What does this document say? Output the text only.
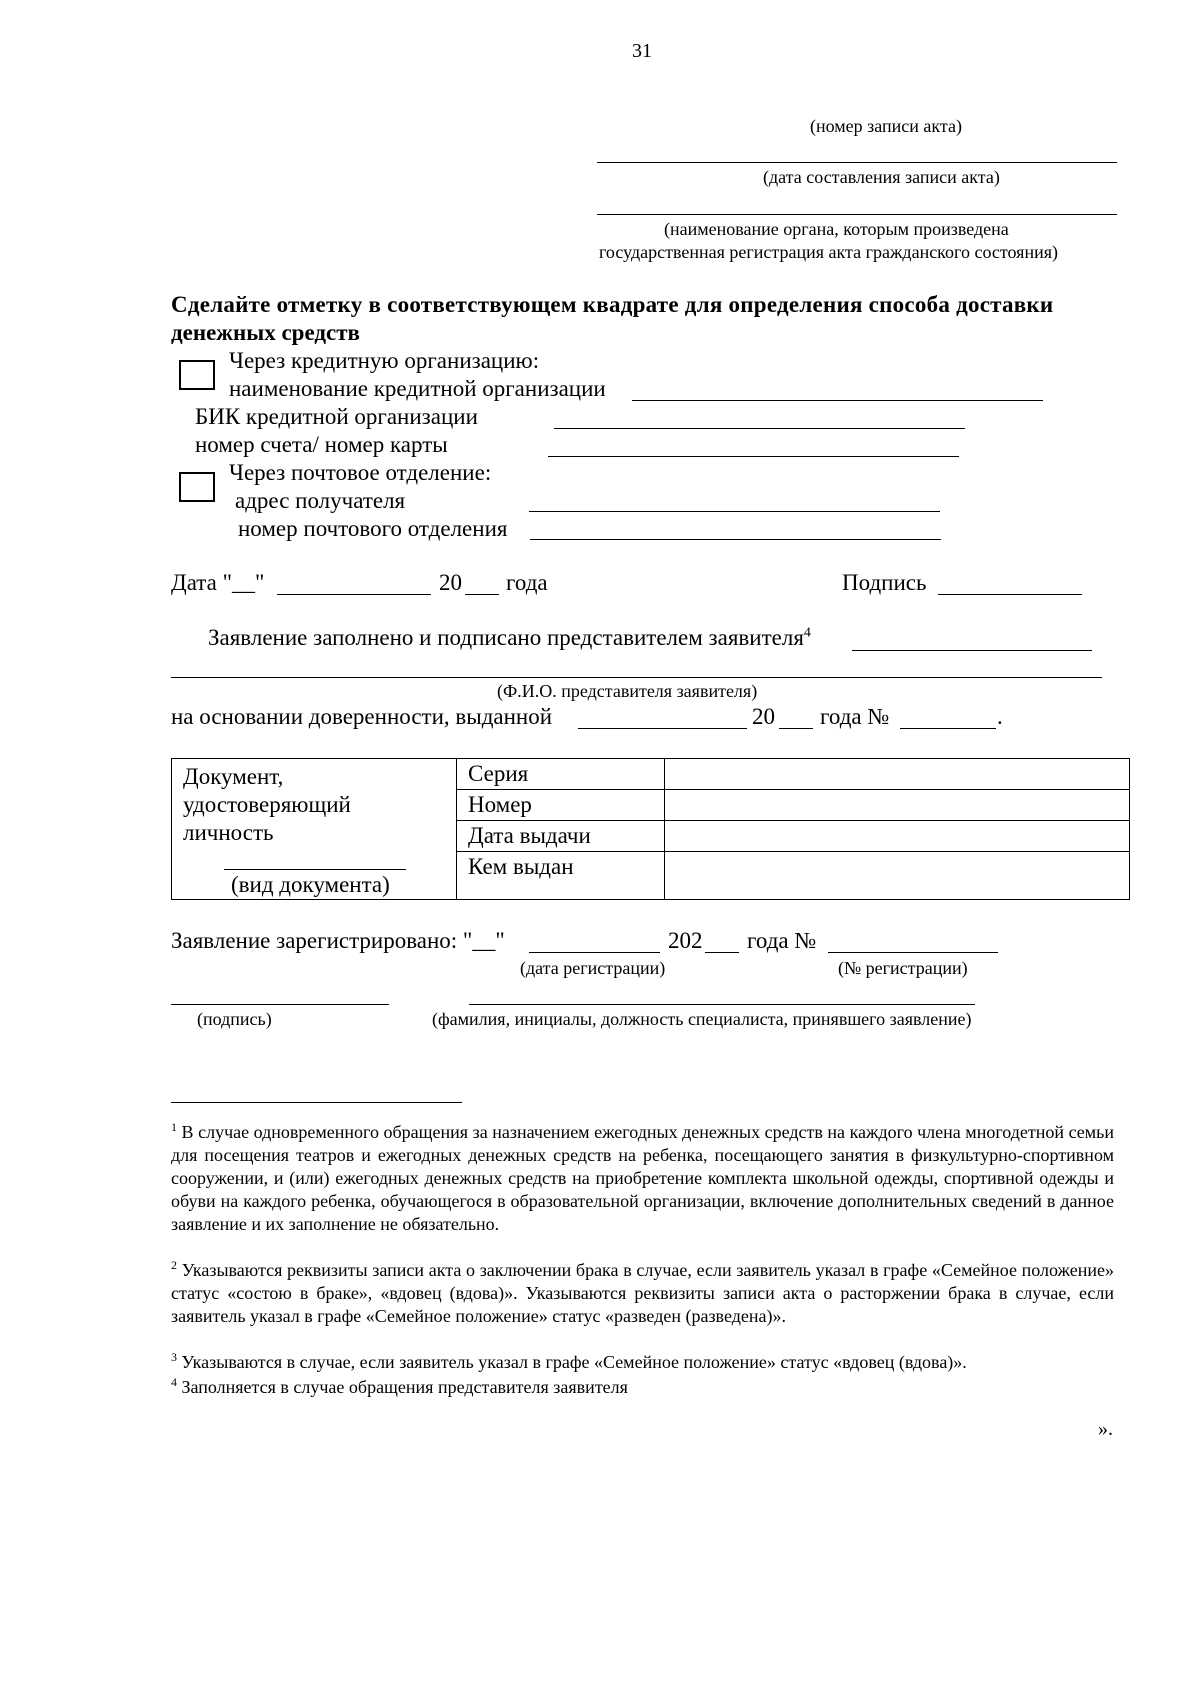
31
(номер записи акта)
(дата составления записи акта)
(наименование органа, которым произведена
государственная регистрация акта гражданского состояния)
Сделайте отметку в соответствующем квадрате для определения способа доставки
денежных средств
Через кредитную организацию:
наименование кредитной организации
БИК кредитной организации
номер счета/ номер карты
Через почтовое отделение:
адрес получателя
номер почтового отделения
Дата "__"	20 года	Подпись
Заявление заполнено и подписано представителем заявителя$^4$
(Ф.И.О. представителя заявителя)
на основании доверенности, выданной	20 года №	.
Документ,
удостоверяющий
личность
(вид документа)	Серия	
	Номер	
	Дата выдачи	
	Кем выдан	
Заявление зарегистрировано: "__"	202 года №
(дата регистрации)	(№ регистрации)
(подпись)	(фамилия, инициалы, должность специалиста, принявшего заявление)
$^1$ В случае одновременного обращения за назначением ежегодных денежных средств на каждого члена многодетной семьи для посещения театров и ежегодных денежных средств на ребенка, посещающего занятия в физкультурно-спортивном сооружении, и (или) ежегодных денежных средств на приобретение комплекта школьной одежды, спортивной одежды и обуви на каждого ребенка, обучающегося в образовательной организации, включение дополнительных сведений в данное заявление и их заполнение не обязательно.
$^2$ Указываются реквизиты записи акта о заключении брака в случае, если заявитель указал в графе «Семейное положение» статус «состою в браке», «вдовец (вдова)». Указываются реквизиты записи акта о расторжении брака в случае, если заявитель указал в графе «Семейное положение» статус «разведен (разведена)».
$^3$ Указываются в случае, если заявитель указал в графе «Семейное положение» статус «вдовец (вдова)».
$^4$ Заполняется в случае обращения представителя заявителя
».
